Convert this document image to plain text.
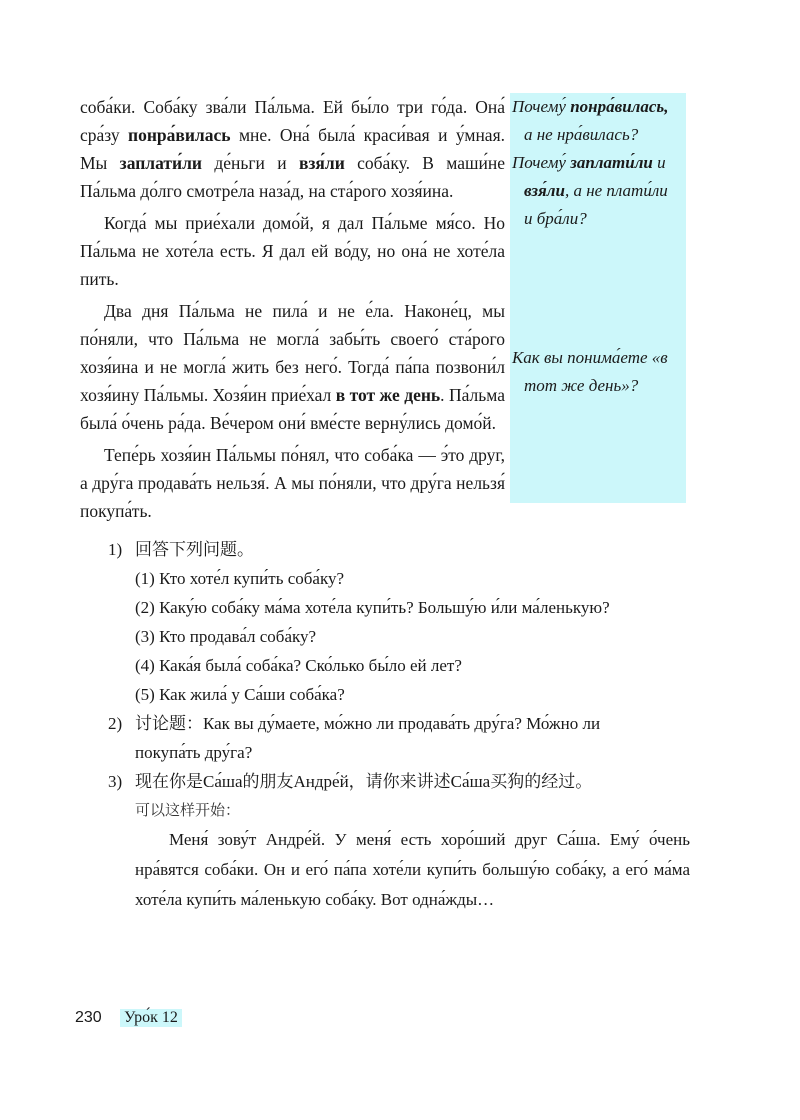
Почему́ понра́вилась,

а не нра́вилась?

Почему́ заплати́ли и

взя́ли, а не плати́ли

и бра́ли?

Как вы понима́ете «в

тот же день»?

соба́ки. Соба́ку зва́ли Па́льма. Ей бы́ло три го́да. Она́ сра́зу понра́вилась мне. Она́ была́ краси́вая и у́мная. Мы заплати́ли де́ньги и взя́ли соба́ку. В маши́не Па́льма до́лго смотре́ла наза́д, на ста́рого хозя́ина.

Когда́ мы прие́хали домо́й, я дал Па́льме мя́со. Но Па́льма не хоте́ла есть. Я дал ей во́ду, но она́ не хоте́ла пить.

Два дня Па́льма не пила́ и не е́ла. Наконе́ц, мы по́няли, что Па́льма не могла́ забы́ть своего́ ста́рого хозя́ина и не могла́ жить без него́. Тогда́ па́па позвони́л хозя́ину Па́льмы. Хозя́ин прие́хал в тот же день. Па́льма была́ о́чень ра́да. Ве́чером они́ вме́сте верну́лись домо́й.

Тепе́рь хозя́ин Па́льмы по́нял, что соба́ка — э́то друг, а дру́га продава́ть нельзя́. А мы по́няли, что дру́га нельзя́ покупа́ть.

1) 回答下列问题。
(1) Кто хоте́л купи́ть соба́ку?
(2) Каку́ю соба́ку ма́ма хоте́ла купи́ть? Большу́ю и́ли ма́ленькую?
(3) Кто продава́л соба́ку?
(4) Кака́я была́ соба́ка? Ско́лько бы́ло ей лет?
(5) Как жила́ у Са́ши соба́ка?
2) 讨论题：Как вы ду́маете, мо́жно ли продава́ть дру́га? Мо́жно ли
покупа́ть дру́га?
3) 现在你是Са́ша的朋友Андре́й，请你来讲述Са́ша买狗的经过。
可以这样开始：

Меня́ зову́т Андре́й. У меня́ есть хоро́ший друг Са́ша. Ему́ о́чень нра́вятся соба́ки. Он и его́ па́па хоте́ли купи́ть большу́ю соба́ку, а его́ ма́ма хоте́ла купи́ть ма́ленькую соба́ку. Вот одна́жды…

230 Уро́к 12
